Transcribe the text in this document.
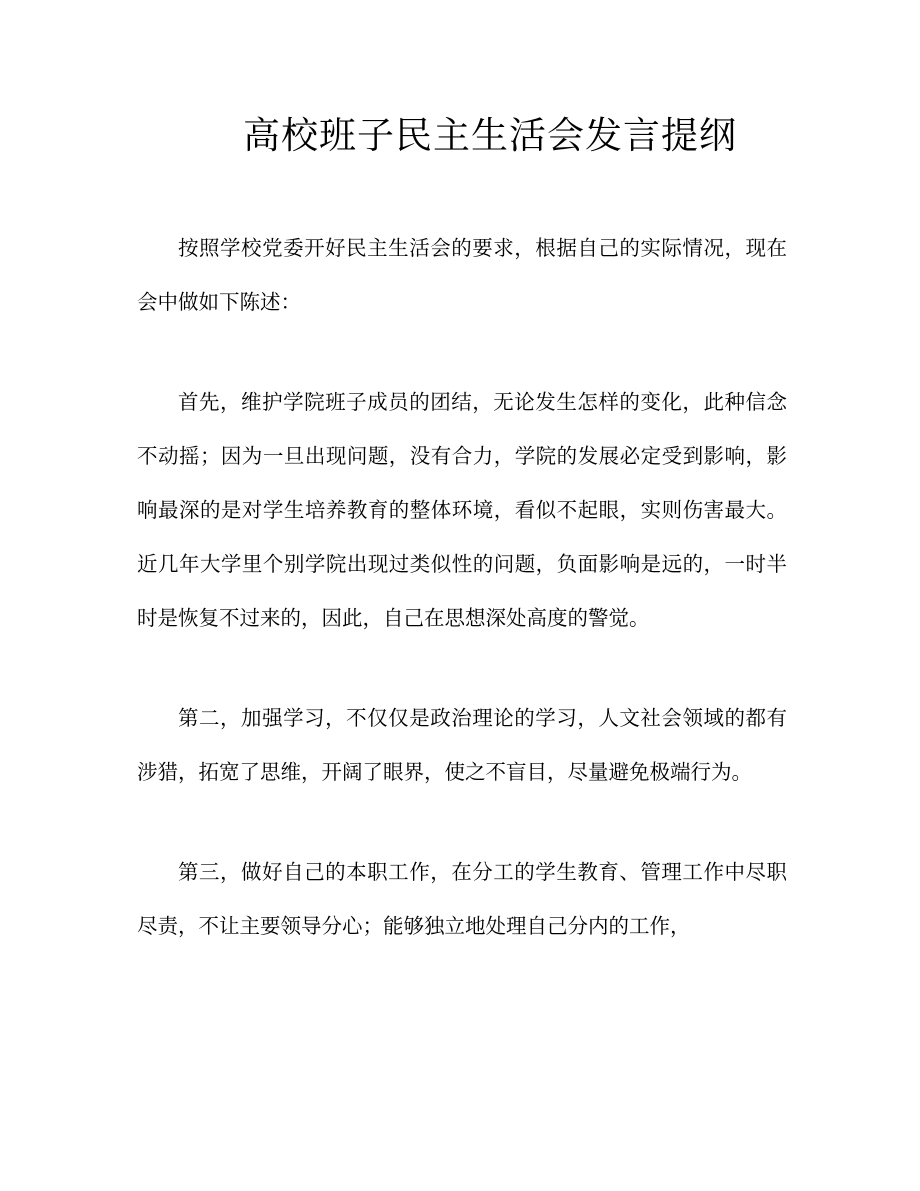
高校班子民主生活会发言提纲

按照学校党委开好民主生活会的要求，根据自己的实际情况，现在会中做如下陈述：

首先，维护学院班子成员的团结，无论发生怎样的变化，此种信念不动摇；因为一旦出现问题，没有合力，学院的发展必定受到影响，影响最深的是对学生培养教育的整体环境，看似不起眼，实则伤害最大。近几年大学里个别学院出现过类似性的问题，负面影响是远的，一时半时是恢复不过来的，因此，自己在思想深处高度的警觉。

第二，加强学习，不仅仅是政治理论的学习，人文社会领域的都有涉猎，拓宽了思维，开阔了眼界，使之不盲目，尽量避免极端行为。

第三，做好自己的本职工作，在分工的学生教育、管理工作中尽职尽责，不让主要领导分心；能够独立地处理自己分内的工作，
